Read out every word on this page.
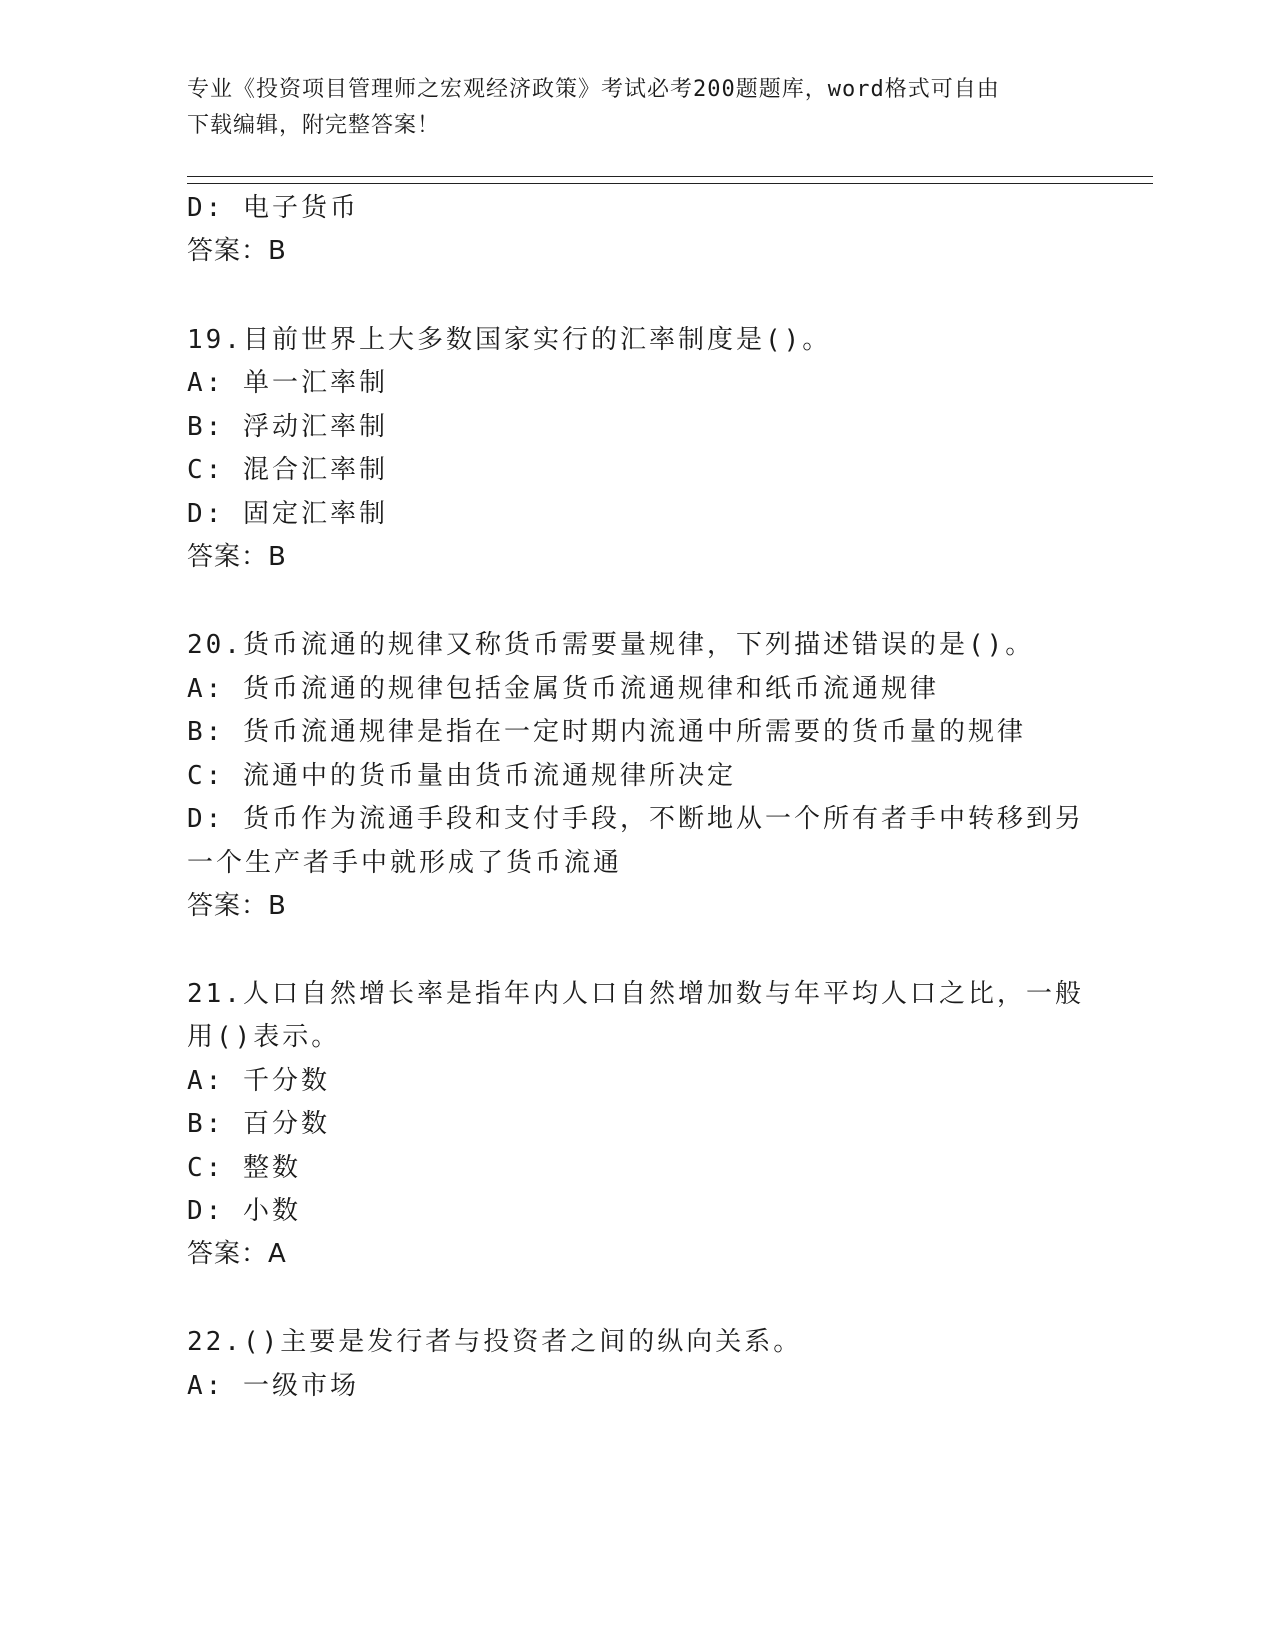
专业《投资项目管理师之宏观经济政策》考试必考200题题库，word格式可自由
下载编辑，附完整答案！
D: 电子货币
答案：B
19.目前世界上大多数国家实行的汇率制度是()。
A: 单一汇率制
B: 浮动汇率制
C: 混合汇率制
D: 固定汇率制
答案：B
20.货币流通的规律又称货币需要量规律，下列描述错误的是()。
A: 货币流通的规律包括金属货币流通规律和纸币流通规律
B: 货币流通规律是指在一定时期内流通中所需要的货币量的规律
C: 流通中的货币量由货币流通规律所决定
D: 货币作为流通手段和支付手段，不断地从一个所有者手中转移到另
一个生产者手中就形成了货币流通
答案：B
21.人口自然增长率是指年内人口自然增加数与年平均人口之比，一般
用()表示。
A: 千分数
B: 百分数
C: 整数
D: 小数
答案：A
22.()主要是发行者与投资者之间的纵向关系。
A: 一级市场
